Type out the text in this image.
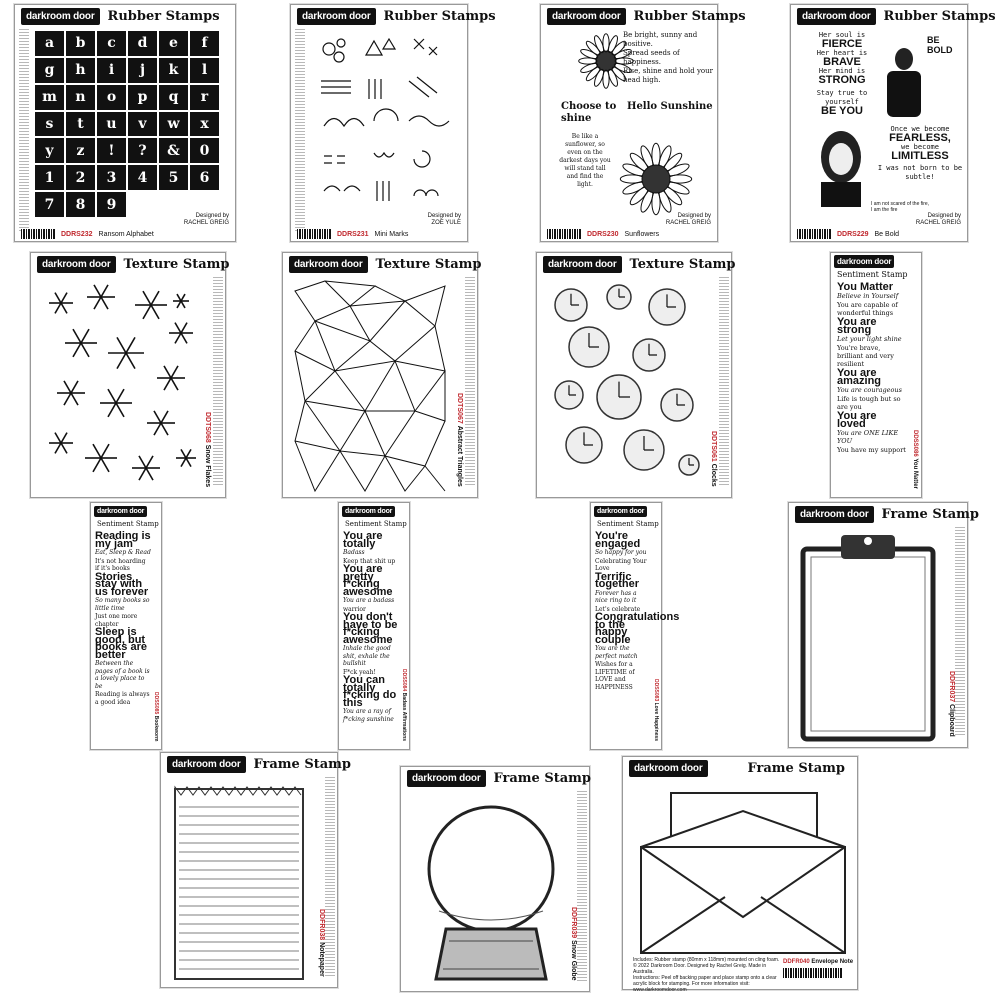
darkroom door	Rubber Stamps
a	b	c	d	e	f
g	h	i	j	k	l
m	n	o	p	q	r
s	t	u	v	w	x
y	z	!	?	&	0
1	2	3	4	5	6
7	8	9
DDRS232 Ransom Alphabet
Designed by
RACHEL GREIG
darkroom door	Rubber Stamps
DDRS231 Mini Marks
Designed by
ZOE YULE
darkroom door	Rubber Stamps
Be bright, sunny and positive.
Spread seeds of happiness.
Rise, shine and hold your head high.
Choose to shine
Hello Sunshine
Be like a sunflower, so even on the darkest days you will stand tall and find the light.
DDRS230 Sunflowers
Designed by
RACHEL GREIG
darkroom door	Rubber Stamps
Her soul is
FIERCE
Her heart is
BRAVE
Her mind is
STRONG
Stay true to yourself
BE YOU
BE BOLD
Once we become
FEARLESS,
we become
LIMITLESS
I was not born to be subtle!
I am not scared of the fire, I am the fire
DDRS229 Be Bold
Designed by
RACHEL GREIG
darkroom door	Texture Stamp
DDTS068 Snow Flakes
darkroom door	Texture Stamp
DDTS067 Abstract Triangles
darkroom door	Texture Stamp
DDTS061 Clocks
darkroom door
Sentiment Stamp
You Matter
Believe in Yourself
You are capable of wonderful things
You are strong
Let your light shine
You're brave, brilliant and very resilient
You are amazing
You are courageous
Life is tough but so are you
You are loved
You are ONE LIKE YOU
You have my support DDSS086 You Matter
darkroom door
Sentiment Stamp
Reading is my jam
Eat, Sleep & Read
It's not hoarding if it's books
Stories stay with us forever
So many books so little time
Just one more chapter
Sleep is good, but books are better
Between the pages of a book is a lovely place to be
Reading is always a good idea	DDSS085 Bookworm
darkroom door
Sentiment Stamp
You are totally
Badass
Keep that shit up
You are pretty f*cking awesome
You are a badass
warrior
You don't have to be f*cking awesome
Inhale the good shit, exhale the bullshit
F*ck yeah!
You can totally f*cking do this
You are a ray of f*cking sunshine
DDSS084 Badass Affirmations
darkroom door
Sentiment Stamp
You're engaged
So happy for you
Celebrating Your Love
Terrific together
Forever has a nice ring to it
Let's celebrate
Congratulations to the happy couple
You are the perfect match
Wishes for a LIFETIME of LOVE and HAPPINESS	DDSS083 Love Happiness
darkroom door	Frame Stamp
DDFR037 Clipboard
darkroom door	Frame Stamp
DDFR038 Notepaper
darkroom door	Frame Stamp
DDFR039 Snow Globe
darkroom door	Frame Stamp
Includes: Rubber stamp (80mm x 118mm) mounted on cling foam.
© 2022 Darkroom Door. Designed by Rachel Greig. Made in Australia.
Instructions: Peel off backing paper and place stamp onto a clear acrylic block for stamping. For more information visit: www.darkroomdoor.com
DDFR040 Envelope Note
